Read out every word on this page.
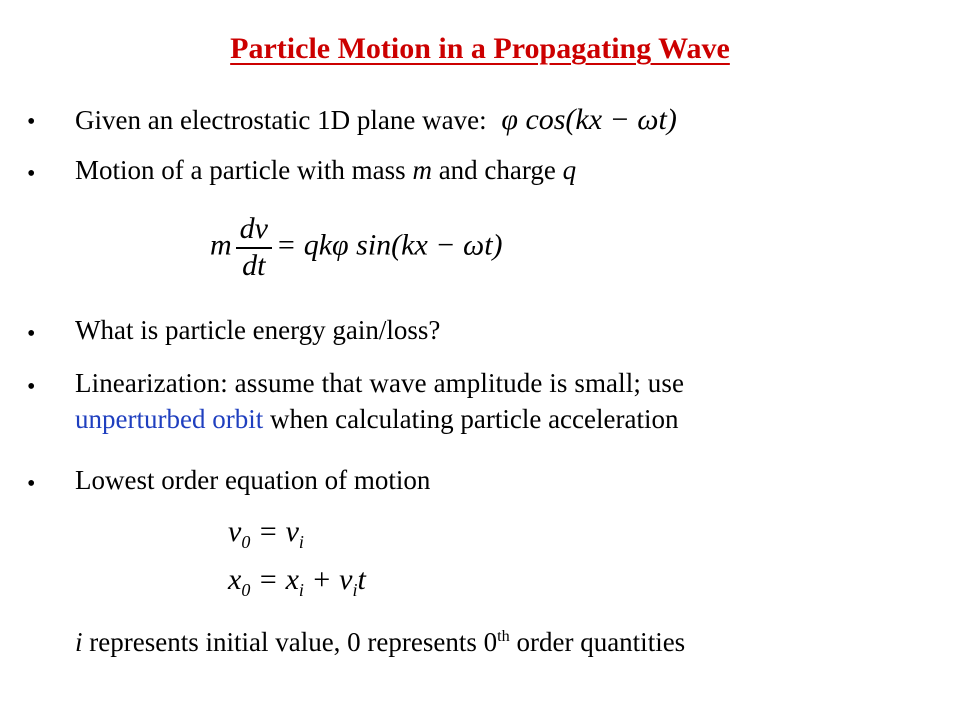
Particle Motion in a Propagating Wave
• Given an electrostatic 1D plane wave: φ cos(kx − ωt)
• Motion of a particle with mass m and charge q
m $\frac{dv}{dt} = qk\varphi$ sin(kx − ωt)
• What is particle energy gain/loss?
• Linearization: assume that wave amplitude is small; use
unperturbed orbit when calculating particle acceleration
• Lowest order equation of motion
$v_0 = v_i$
$x_0 = x_i + v_it$
i represents initial value, 0 represents 0th order quantities
